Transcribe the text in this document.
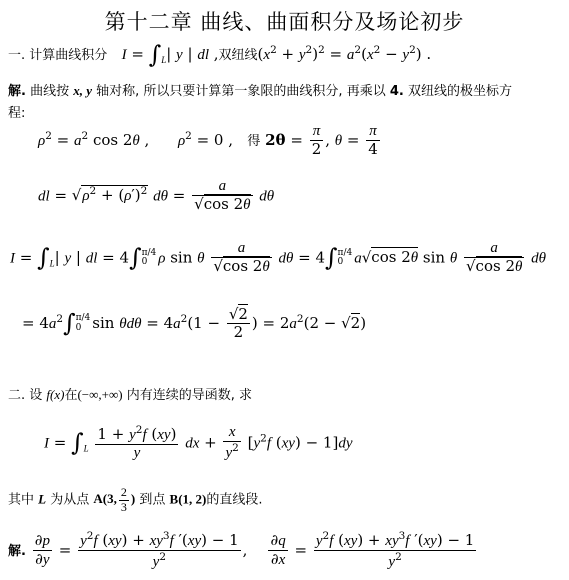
第十二章 曲线、曲面积分及场论初步
一. 计算曲线积分 $I = \int_L|$ y | dl ,双纽线$(x^2 + y^2)^2 = a^2(x^2 - y^2)$ .
解. 曲线按 x, y 轴对称, 所以只要计算第一象限的曲线积分, 再乘以 4. 双纽线的极坐标方
程:
$\rho^2 = a^2$ cos 2θ ,      $\rho^2 = 0$ ,   得 $2\theta = \frac{\pi}{2}$ , $\theta = \frac{\pi}{4}$
dl = $√\rho^2 + (\rho')^2$ $d\theta = \frac{a}{√\cos 2\theta}$ dθ
$I = \int_L|$ y | dl = 4∫ π/4
0 ρ sin θ $\frac{a}{√\cos 2\theta}$ dθ = 4∫ π/4
0 a√cos 2θ sin θ $\frac{a}{√\cos 2\theta}$ dθ
= $4a^2\int$ π/4
0 $\sin \theta d\theta = 4a^2(1 - \frac{√2}{2}$ ) = $2a^2(2 - √2)$
二. 设 f(x)在(−∞,+∞) 内有连续的导函数, 求
$I = \int_L \frac{1 + y^2f (xy)}{y}$ dx + $\frac{x}{y^2} [y^2f$ (xy) − 1]dy
其中 L 为从点 A(3, $\frac{2}{3}$ ) 到点 B(1, 2)的直线段.
解. $\frac{\partial p}{\partial y} = \frac{y^2f (xy) + xy^3f '(xy) - 1}{y^2}$ , $\frac{\partial q}{\partial x} = \frac{y^2f (xy) + xy^3f '(xy) - 1}{y^2}$
